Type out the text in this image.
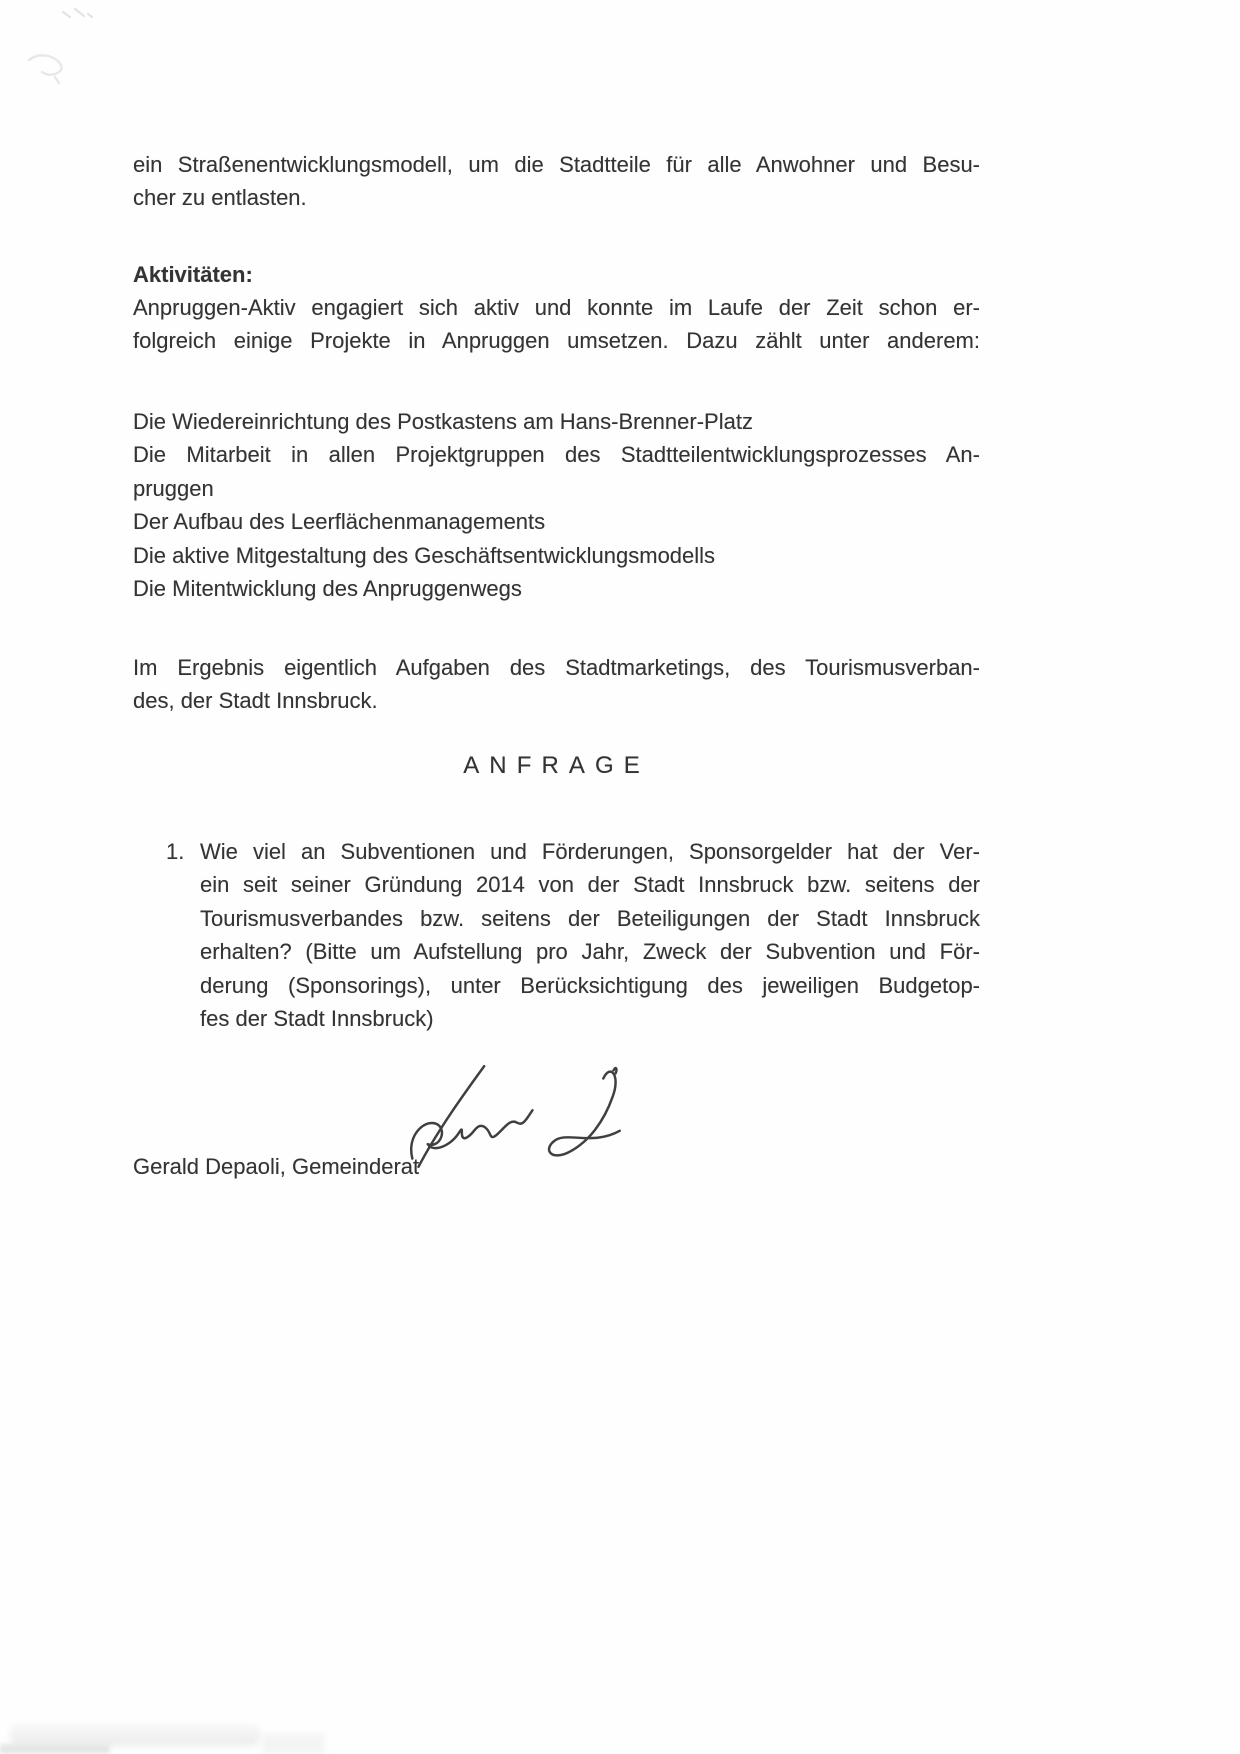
ein Straßenentwicklungsmodell, um die Stadtteile für alle Anwohner und Besu-
cher zu entlasten.
Aktivitäten:
Anpruggen-Aktiv engagiert sich aktiv und konnte im Laufe der Zeit schon er-
folgreich einige Projekte in Anpruggen umsetzen. Dazu zählt unter anderem:
Die Wiedereinrichtung des Postkastens am Hans-Brenner-Platz
Die Mitarbeit in allen Projektgruppen des Stadtteilentwicklungsprozesses An-
pruggen
Der Aufbau des Leerflächenmanagements
Die aktive Mitgestaltung des Geschäftsentwicklungsmodells
Die Mitentwicklung des Anpruggenwegs
Im Ergebnis eigentlich Aufgaben des Stadtmarketings, des Tourismusverban-
des, der Stadt Innsbruck.
ANFRAGE
1. Wie viel an Subventionen und Förderungen, Sponsorgelder hat der Ver-
ein seit seiner Gründung 2014 von der Stadt Innsbruck bzw. seitens der
Tourismusverbandes bzw. seitens der Beteiligungen der Stadt Innsbruck
erhalten? (Bitte um Aufstellung pro Jahr, Zweck der Subvention und För-
derung (Sponsorings), unter Berücksichtigung des jeweiligen Budgetop-
fes der Stadt Innsbruck)
Gerald Depaoli, Gemeinderat
